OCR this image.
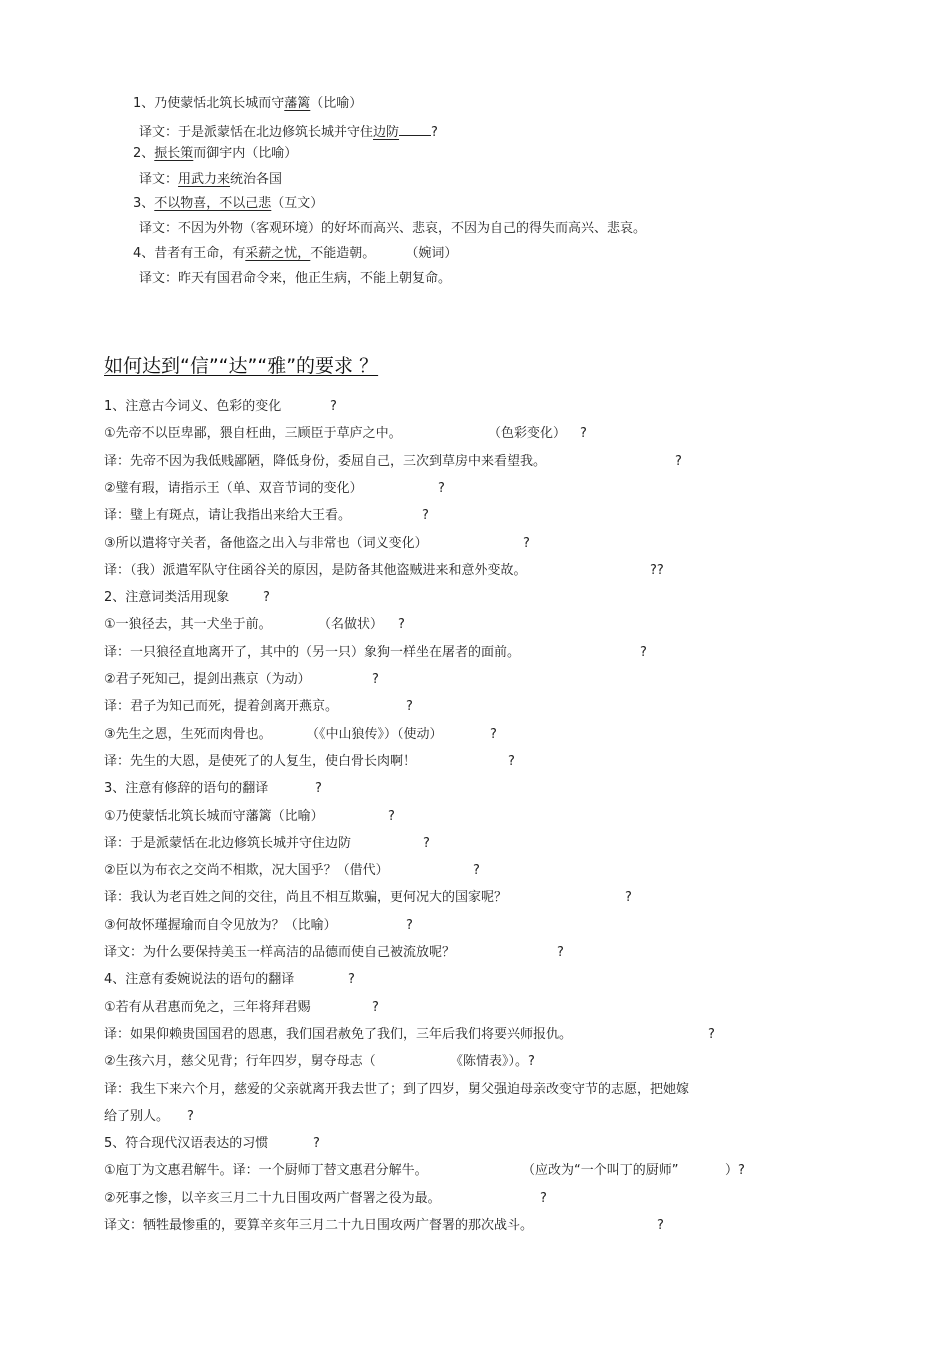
1、乃使蒙恬北筑长城而守藩篱（比喻）
译文：于是派蒙恬在北边修筑长城并守住边防 ?
2、振长策而御宇内（比喻）
译文：用武力来统治各国
3、不以物喜，不以己悲（互文）
译文：不因为外物（客观环境）的好坏而高兴、悲哀，不因为自己的得失而高兴、悲哀。
4、昔者有王命，有采薪之忧，不能造朝。 （婉词）
译文：昨天有国君命令来，他正生病，不能上朝复命。
如何达到“信”“达”“雅”的要求 ？
1、注意古今词义、色彩的变化	?
①先帝不以臣卑鄙，猥自枉曲，三顾臣于草庐之中。	（色彩变化） ?
译：先帝不因为我低贱鄙陋，降低身份，委屈自己，三次到草房中来看望我。	?
②璧有瑕，请指示王（单、双音节词的变化）	?
译：璧上有斑点，请让我指出来给大王看。	?
③所以遣将守关者，备他盗之出入与非常也（词义变化）	?
译：（我）派遣军队守住函谷关的原因，是防备其他盗贼进来和意外变故。	??
2、注意词类活用现象	?
①一狼径去，其一犬坐于前。	（名做状） ?
译：一只狼径直地离开了，其中的（另一只）象狗一样坐在屠者的面前。	?
②君子死知己，提剑出燕京（为动）	?
译：君子为知己而死，提着剑离开燕京。	?
③先生之恩，生死而肉骨也。	（《中山狼传》）（使动）	?
译：先生的大恩，是使死了的人复生，使白骨长肉啊！	?
3、注意有修辞的语句的翻译	?
①乃使蒙恬北筑长城而守藩篱（比喻）	?
译：于是派蒙恬在北边修筑长城并守住边防	?
②臣以为布衣之交尚不相欺，况大国乎？（借代）	?
译：我认为老百姓之间的交往，尚且不相互欺骗，更何况大的国家呢？	?
③何故怀瑾握瑜而自令见放为？（比喻）	?
译文：为什么要保持美玉一样高洁的品德而使自己被流放呢？	?
4、注意有委婉说法的语句的翻译	?
①若有从君惠而免之，三年将拜君赐	?
译：如果仰赖贵国国君的恩惠，我们国君赦免了我们，三年后我们将要兴师报仇。	?
②生孩六月，慈父见背；行年四岁，舅夺母志（	《陈情表》）。?
译：我生下来六个月，慈爱的父亲就离开我去世了；到了四岁，舅父强迫母亲改变守节的志愿，把她嫁
给了别人。 ?
5、符合现代汉语表达的习惯	?
①庖丁为文惠君解牛。译：一个厨师丁替文惠君分解牛。	（应改为“一个叫丁的厨师”	）?
②死事之惨，以辛亥三月二十九日围攻两广督署之役为最。	?
译文：牺牲最惨重的，要算辛亥年三月二十九日围攻两广督署的那次战斗。	?
